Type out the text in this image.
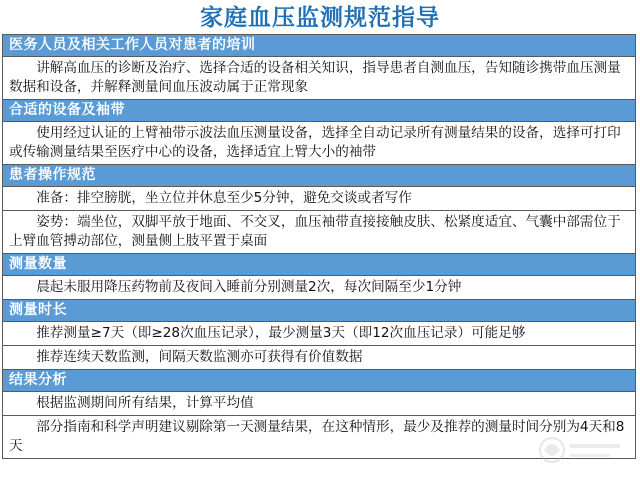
家庭血压监测规范指导
医务人员及相关工作人员对患者的培训
讲解高血压的诊断及治疗、选择合适的设备相关知识，指导患者自测血压，告知随诊携带血压测量数据和设备，并解释测量间血压波动属于正常现象
合适的设备及袖带
使用经过认证的上臂袖带示波法血压测量设备，选择全自动记录所有测量结果的设备，选择可打印或传输测量结果至医疗中心的设备，选择适宜上臂大小的袖带
患者操作规范
准备：排空膀胱，坐立位并休息至少5分钟，避免交谈或者写作
姿势：端坐位，双脚平放于地面、不交叉，血压袖带直接接触皮肤、松紧度适宜、气囊中部需位于上臂血管搏动部位，测量侧上肢平置于桌面
测量数量
晨起未服用降压药物前及夜间入睡前分别测量2次，每次间隔至少1分钟
测量时长
推荐测量≥7天（即≥28次血压记录），最少测量3天（即12次血压记录）可能足够
推荐连续天数监测，间隔天数监测亦可获得有价值数据
结果分析
根据监测期间所有结果，计算平均值
部分指南和科学声明建议剔除第一天测量结果，在这种情形，最少及推荐的测量时间分别为4天和8天
